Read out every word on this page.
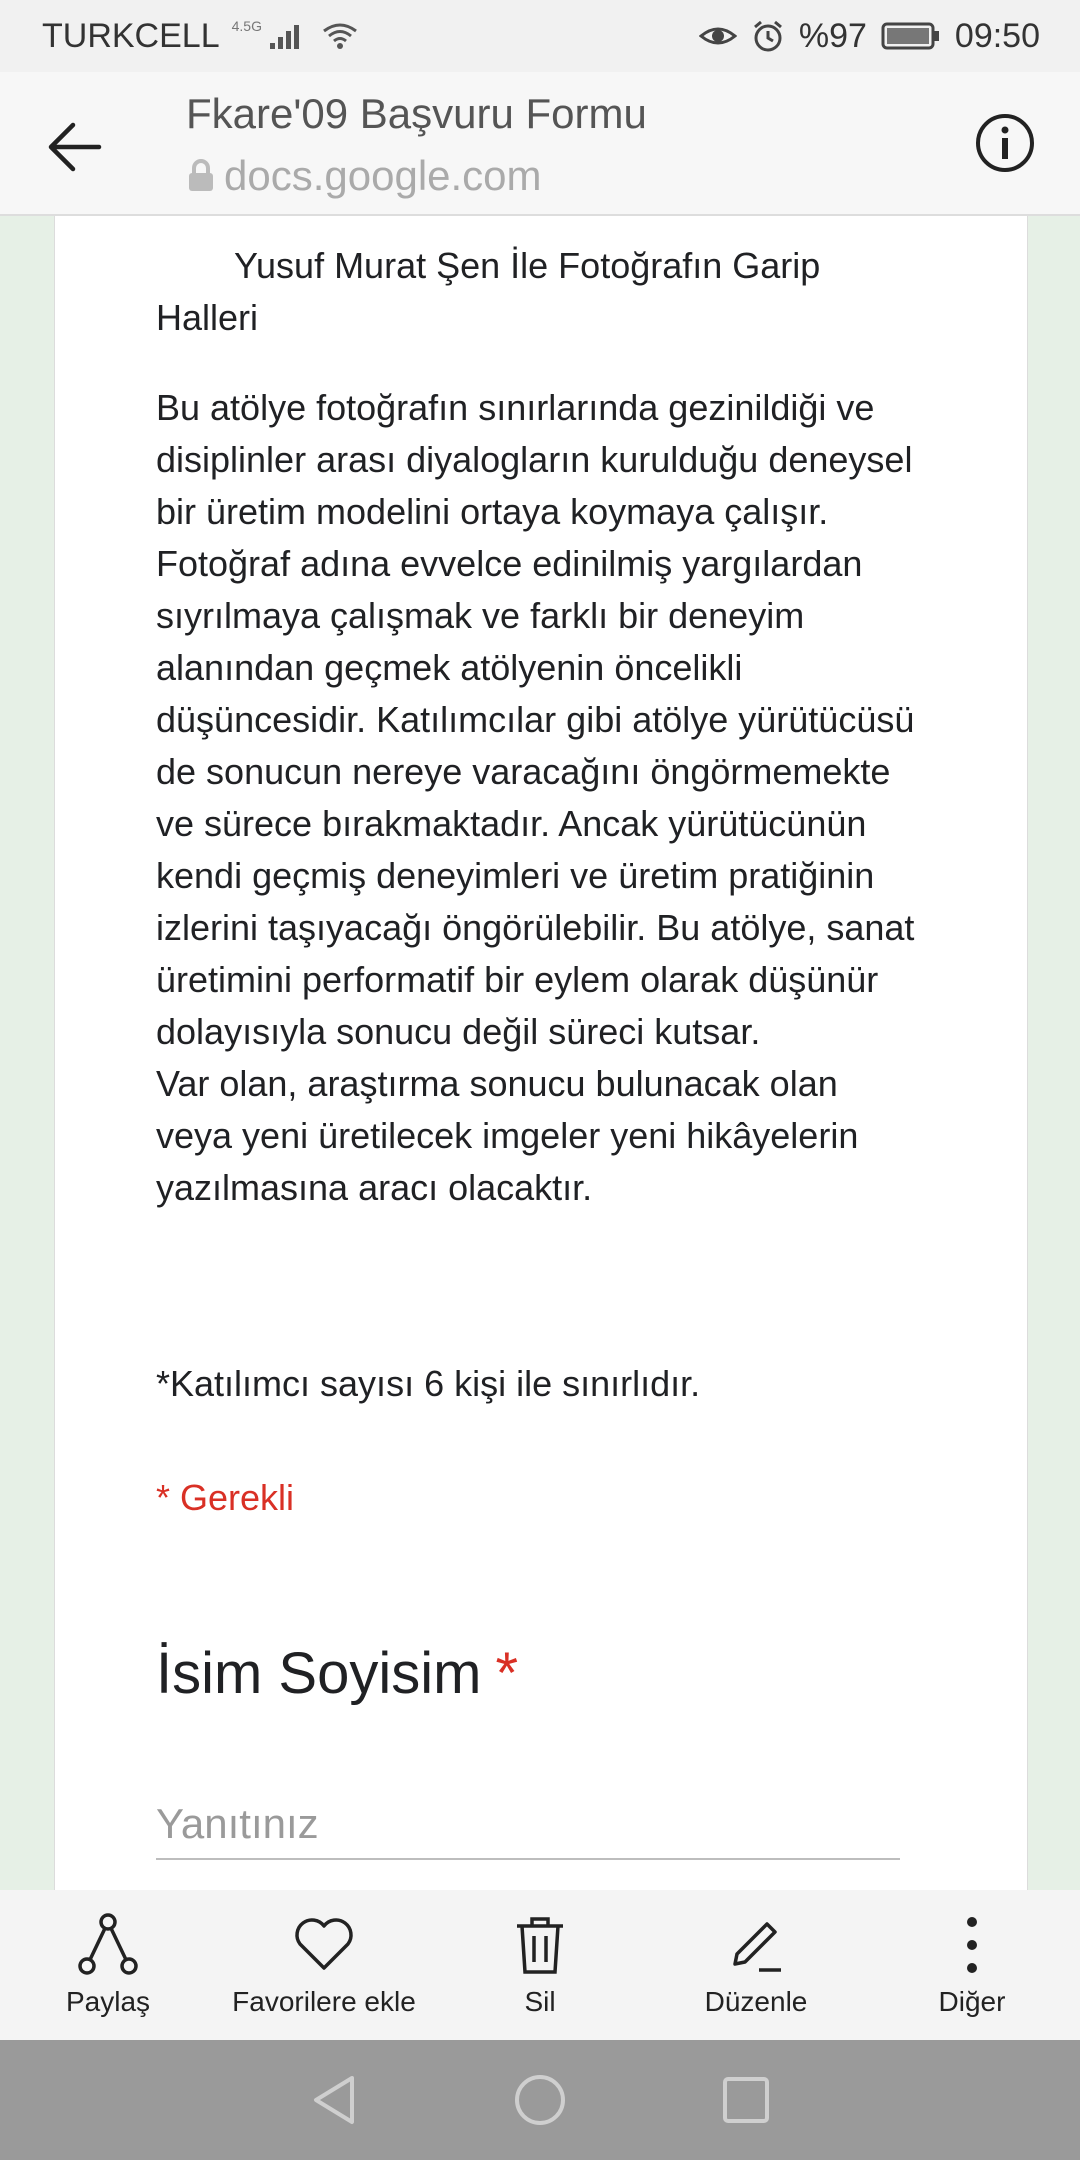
TURKCELL 4.5G	%97	09:50
Fkare'09 Başvuru Formu
docs.google.com
Yusuf Murat Şen İle Fotoğrafın Garip Halleri
Bu atölye fotoğrafın sınırlarında gezinildiği ve disiplinler arası diyalogların kurulduğu deneysel bir üretim modelini ortaya koymaya çalışır. Fotoğraf adına evvelce edinilmiş yargılardan sıyrılmaya çalışmak ve farklı bir deneyim alanından geçmek atölyenin öncelikli düşüncesidir. Katılımcılar gibi atölye yürütücüsü de sonucun nereye varacağını öngörmemekte ve sürece bırakmaktadır. Ancak yürütücünün kendi geçmiş deneyimleri ve üretim pratiğinin izlerini taşıyacağı öngörülebilir. Bu atölye, sanat üretimini performatif bir eylem olarak düşünür dolayısıyla sonucu değil süreci kutsar.
Var olan, araştırma sonucu bulunacak olan veya yeni üretilecek imgeler yeni hikâyelerin yazılmasına aracı olacaktır.
*Katılımcı sayısı 6 kişi ile sınırlıdır.
* Gerekli
İsim Soyisim *
Yanıtınız
Paylaş	Favorilere ekle	Sil	Düzenle	Diğer
